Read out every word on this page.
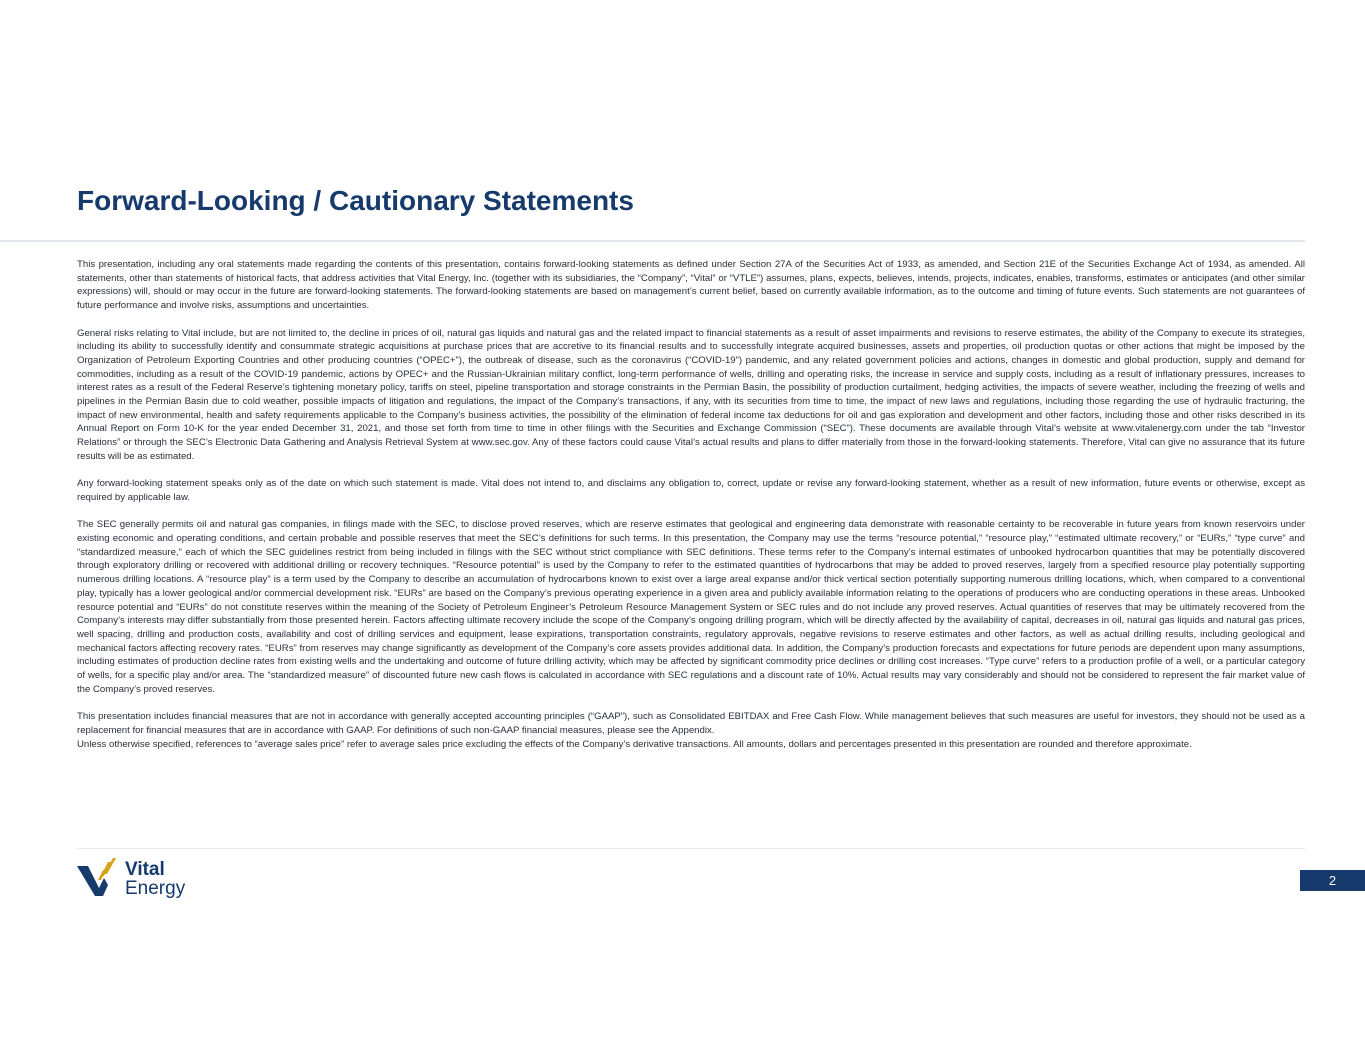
Forward-Looking / Cautionary Statements

This presentation, including any oral statements made regarding the contents of this presentation, contains forward-looking statements as defined under Section 27A of the Securities Act of 1933, as amended, and Section 21E of the Securities Exchange Act of 1934, as amended. All statements, other than statements of historical facts, that address activities that Vital Energy, Inc. (together with its subsidiaries, the “Company”, “Vital” or “VTLE”) assumes, plans, expects, believes, intends, projects, indicates, enables, transforms, estimates or anticipates (and other similar expressions) will, should or may occur in the future are forward-looking statements. The forward-looking statements are based on management’s current belief, based on currently available information, as to the outcome and timing of future events. Such statements are not guarantees of future performance and involve risks, assumptions and uncertainties.

General risks relating to Vital include, but are not limited to, the decline in prices of oil, natural gas liquids and natural gas and the related impact to financial statements as a result of asset impairments and revisions to reserve estimates, the ability of the Company to execute its strategies, including its ability to successfully identify and consummate strategic acquisitions at purchase prices that are accretive to its financial results and to successfully integrate acquired businesses, assets and properties, oil production quotas or other actions that might be imposed by the Organization of Petroleum Exporting Countries and other producing countries (“OPEC+”), the outbreak of disease, such as the coronavirus (“COVID-19”) pandemic, and any related government policies and actions, changes in domestic and global production, supply and demand for commodities, including as a result of the COVID-19 pandemic, actions by OPEC+ and the Russian-Ukrainian military conflict, long-term performance of wells, drilling and operating risks, the increase in service and supply costs, including as a result of inflationary pressures, increases to interest rates as a result of the Federal Reserve’s tightening monetary policy, tariffs on steel, pipeline transportation and storage constraints in the Permian Basin, the possibility of production curtailment, hedging activities, the impacts of severe weather, including the freezing of wells and pipelines in the Permian Basin due to cold weather, possible impacts of litigation and regulations, the impact of the Company’s transactions, if any, with its securities from time to time, the impact of new laws and regulations, including those regarding the use of hydraulic fracturing, the impact of new environmental, health and safety requirements applicable to the Company’s business activities, the possibility of the elimination of federal income tax deductions for oil and gas exploration and development and other factors, including those and other risks described in its Annual Report on Form 10-K for the year ended December 31, 2021, and those set forth from time to time in other filings with the Securities and Exchange Commission (“SEC”). These documents are available through Vital’s website at www.vitalenergy.com under the tab “Investor Relations” or through the SEC’s Electronic Data Gathering and Analysis Retrieval System at www.sec.gov. Any of these factors could cause Vital’s actual results and plans to differ materially from those in the forward-looking statements. Therefore, Vital can give no assurance that its future results will be as estimated.

Any forward-looking statement speaks only as of the date on which such statement is made. Vital does not intend to, and disclaims any obligation to, correct, update or revise any forward-looking statement, whether as a result of new information, future events or otherwise, except as required by applicable law.

The SEC generally permits oil and natural gas companies, in filings made with the SEC, to disclose proved reserves, which are reserve estimates that geological and engineering data demonstrate with reasonable certainty to be recoverable in future years from known reservoirs under existing economic and operating conditions, and certain probable and possible reserves that meet the SEC’s definitions for such terms. In this presentation, the Company may use the terms “resource potential,” “resource play,” “estimated ultimate recovery,” or “EURs,” “type curve” and “standardized measure,” each of which the SEC guidelines restrict from being included in filings with the SEC without strict compliance with SEC definitions. These terms refer to the Company’s internal estimates of unbooked hydrocarbon quantities that may be potentially discovered through exploratory drilling or recovered with additional drilling or recovery techniques. “Resource potential” is used by the Company to refer to the estimated quantities of hydrocarbons that may be added to proved reserves, largely from a specified resource play potentially supporting numerous drilling locations. A “resource play” is a term used by the Company to describe an accumulation of hydrocarbons known to exist over a large areal expanse and/or thick vertical section potentially supporting numerous drilling locations, which, when compared to a conventional play, typically has a lower geological and/or commercial development risk. “EURs” are based on the Company’s previous operating experience in a given area and publicly available information relating to the operations of producers who are conducting operations in these areas. Unbooked resource potential and “EURs” do not constitute reserves within the meaning of the Society of Petroleum Engineer’s Petroleum Resource Management System or SEC rules and do not include any proved reserves. Actual quantities of reserves that may be ultimately recovered from the Company’s interests may differ substantially from those presented herein. Factors affecting ultimate recovery include the scope of the Company’s ongoing drilling program, which will be directly affected by the availability of capital, decreases in oil, natural gas liquids and natural gas prices, well spacing, drilling and production costs, availability and cost of drilling services and equipment, lease expirations, transportation constraints, regulatory approvals, negative revisions to reserve estimates and other factors, as well as actual drilling results, including geological and mechanical factors affecting recovery rates. “EURs” from reserves may change significantly as development of the Company’s core assets provides additional data. In addition, the Company’s production forecasts and expectations for future periods are dependent upon many assumptions, including estimates of production decline rates from existing wells and the undertaking and outcome of future drilling activity, which may be affected by significant commodity price declines or drilling cost increases. “Type curve” refers to a production profile of a well, or a particular category of wells, for a specific play and/or area. The “standardized measure” of discounted future new cash flows is calculated in accordance with SEC regulations and a discount rate of 10%. Actual results may vary considerably and should not be considered to represent the fair market value of the Company’s proved reserves.

This presentation includes financial measures that are not in accordance with generally accepted accounting principles (“GAAP”), such as Consolidated EBITDAX and Free Cash Flow. While management believes that such measures are useful for investors, they should not be used as a replacement for financial measures that are in accordance with GAAP. For definitions of such non-GAAP financial measures, please see the Appendix.

Unless otherwise specified, references to “average sales price” refer to average sales price excluding the effects of the Company’s derivative transactions. All amounts, dollars and percentages presented in this presentation are rounded and therefore approximate.

Vital
Energy	2
